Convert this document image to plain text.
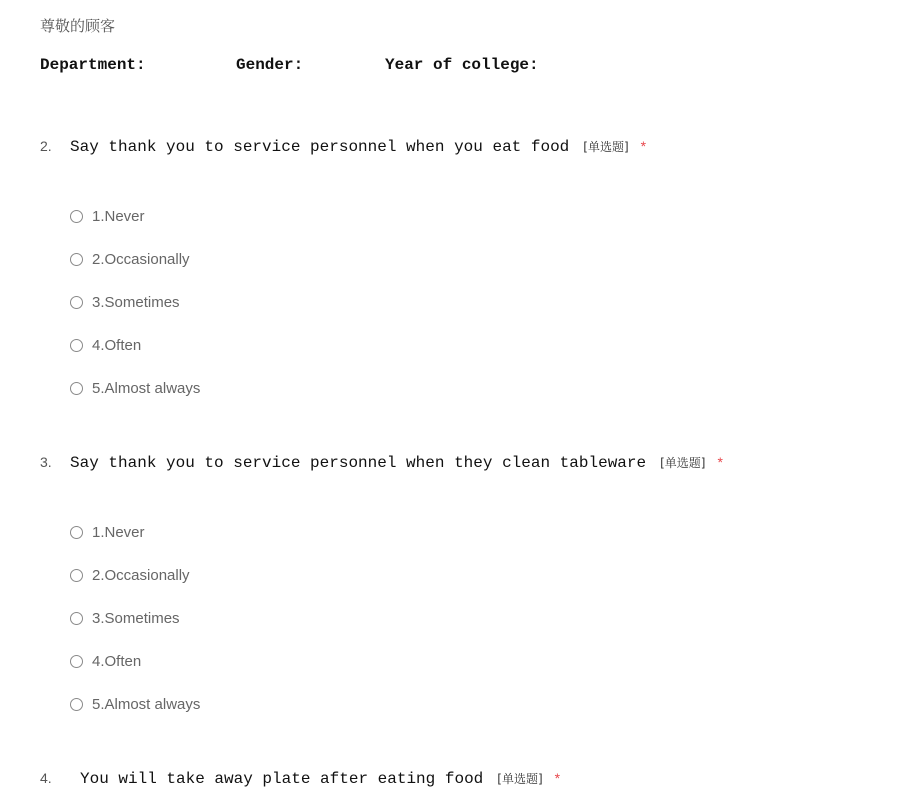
尊敬的顾客
Department:	Gender:	Year of college:
2.	Say thank you to service personnel when you eat food [单选题] *
1.Never
2.Occasionally
3.Sometimes
4.Often
5.Almost always
3.	Say thank you to service personnel when they clean tableware [单选题] *
1.Never
2.Occasionally
3.Sometimes
4.Often
5.Almost always
4.	You will take away plate after eating food [单选题] *
